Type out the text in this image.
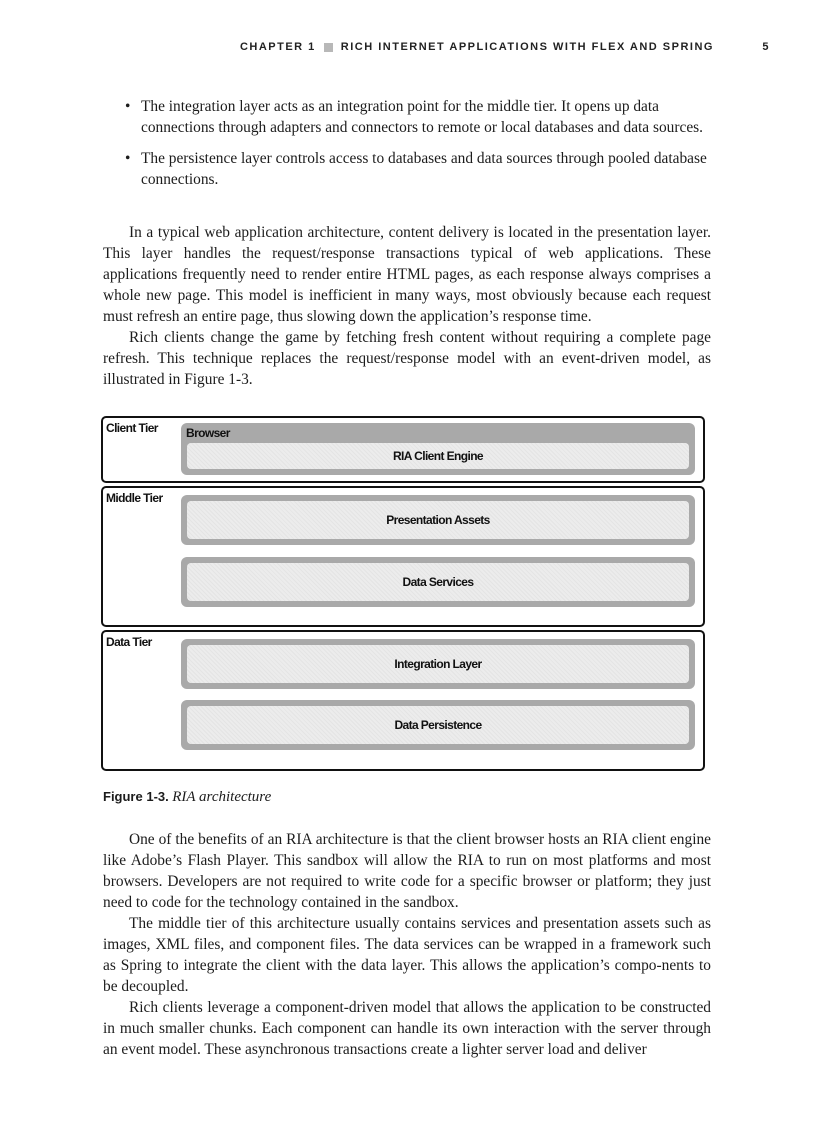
CHAPTER 1 RICH INTERNET APPLICATIONS WITH FLEX AND SPRING	5
• The integration layer acts as an integration point for the middle tier. It opens up data connections through adapters and connectors to remote or local databases and data sources.
• The persistence layer controls access to databases and data sources through pooled database connections.

In a typical web application architecture, content delivery is located in the presentation layer. This layer handles the request/response transactions typical of web applications. These applications frequently need to render entire HTML pages, as each response always comprises a whole new page. This model is inefficient in many ways, most obviously because each request must refresh an entire page, thus slowing down the application’s response time.

Rich clients change the game by fetching fresh content without requiring a complete page refresh. This technique replaces the request/response model with an event-driven model, as illustrated in Figure 1-3.

Client Tier Browser
RIA Client Engine
Middle Tier
Presentation Assets
Data Services
Data Tier
Integration Layer
Data Persistence
Figure 1-3. RIA architecture

One of the benefits of an RIA architecture is that the client browser hosts an RIA client engine like Adobe’s Flash Player. This sandbox will allow the RIA to run on most platforms and most browsers. Developers are not required to write code for a specific browser or platform; they just need to code for the technology contained in the sandbox.

The middle tier of this architecture usually contains services and presentation assets such as images, XML files, and component files. The data services can be wrapped in a framework such as Spring to integrate the client with the data layer. This allows the application’s compo-nents to be decoupled.

Rich clients leverage a component-driven model that allows the application to be constructed in much smaller chunks. Each component can handle its own interaction with the server through an event model. These asynchronous transactions create a lighter server load and deliver
